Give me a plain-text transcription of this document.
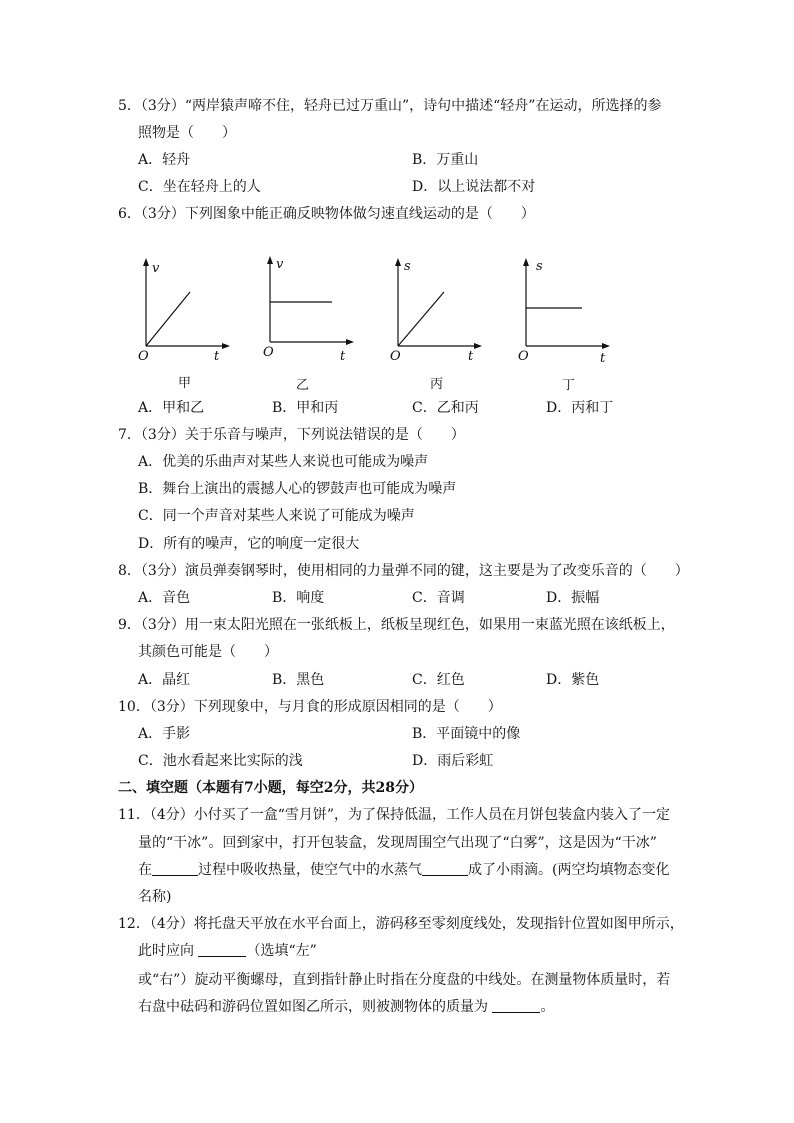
5．（3分）“两岸猿声啼不住，轻舟已过万重山”，诗句中描述“轻舟”在运动，所选择的参
照物是（　　）
A．轻舟	B．万重山
C．坐在轻舟上的人	D．以上说法都不对
6．（3分）下列图象中能正确反映物体做匀速直线运动的是（　　）
v
O	t
甲
v
O	t
乙
s
O	t
丙
s
O	t
丁
A．甲和乙	B．甲和丙	C．乙和丙	D．丙和丁
7．（3分）关于乐音与噪声，下列说法错误的是（　　）
A．优美的乐曲声对某些人来说也可能成为噪声
B．舞台上演出的震撼人心的锣鼓声也可能成为噪声
C．同一个声音对某些人来说了可能成为噪声
D．所有的噪声，它的响度一定很大
8．（3分）演员弹奏钢琴时，使用相同的力量弹不同的键，这主要是为了改变乐音的（　　）
A．音色	B．响度	C．音调	D．振幅
9．（3分）用一束太阳光照在一张纸板上，纸板呈现红色，如果用一束蓝光照在该纸板上，
其颜色可能是（　　）
A．晶红	B．黑色	C．红色	D．紫色
10．（3分）下列现象中，与月食的形成原因相同的是（　　）
A．手影	B．平面镜中的像
C．池水看起来比实际的浅	D．雨后彩虹
二、填空题（本题有7小题，每空2分，共28分）
11．（4分）小付买了一盒“雪月饼”，为了保持低温，工作人员在月饼包装盒内装入了一定
量的“干冰”。回到家中，打开包装盒，发现周围空气出现了“白雾”，这是因为“干冰”
在	过程中吸收热量，使空气中的水蒸气	成了小雨滴。(两空均填物态变化
名称)
12．（4分）将托盘天平放在水平台面上，游码移至零刻度线处，发现指针位置如图甲所示，
此时应向	（选填“左”
或“右”）旋动平衡螺母，直到指针静止时指在分度盘的中线处。在测量物体质量时，若
右盘中砝码和游码位置如图乙所示，则被测物体的质量为	。
